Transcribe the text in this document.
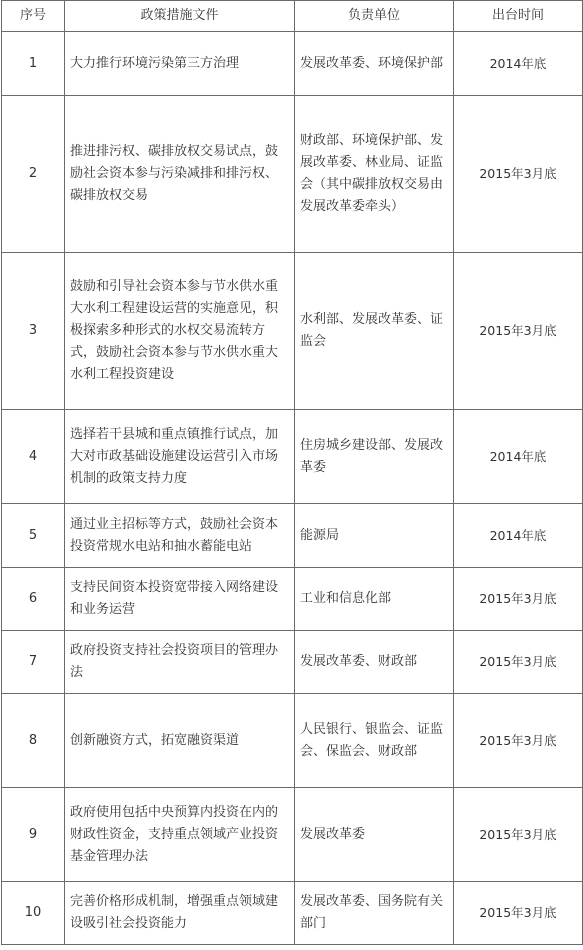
序号	政策措施文件	负责单位	出台时间
1	大力推行环境污染第三方治理	发展改革委、环境保护部	2014年底
2	推进排污权、碳排放权交易试点，鼓励社会资本参与污染减排和排污权、碳排放权交易	财政部、环境保护部、发展改革委、林业局、证监会（其中碳排放权交易由发展改革委牵头）	2015年3月底
3	鼓励和引导社会资本参与节水供水重大水利工程建设运营的实施意见，积极探索多种形式的水权交易流转方式，鼓励社会资本参与节水供水重大水利工程投资建设	水利部、发展改革委、证监会	2015年3月底
4	选择若干县城和重点镇推行试点，加大对市政基础设施建设运营引入市场机制的政策支持力度	住房城乡建设部、发展改革委	2014年底
5	通过业主招标等方式，鼓励社会资本投资常规水电站和抽水蓄能电站	能源局	2014年底
6	支持民间资本投资宽带接入网络建设和业务运营	工业和信息化部	2015年3月底
7	政府投资支持社会投资项目的管理办法	发展改革委、财政部	2015年3月底
8	创新融资方式，拓宽融资渠道	人民银行、银监会、证监会、保监会、财政部	2015年3月底
9	政府使用包括中央预算内投资在内的财政性资金，支持重点领域产业投资基金管理办法	发展改革委	2015年3月底
10	完善价格形成机制，增强重点领域建设吸引社会投资能力	发展改革委、国务院有关部门	2015年3月底
